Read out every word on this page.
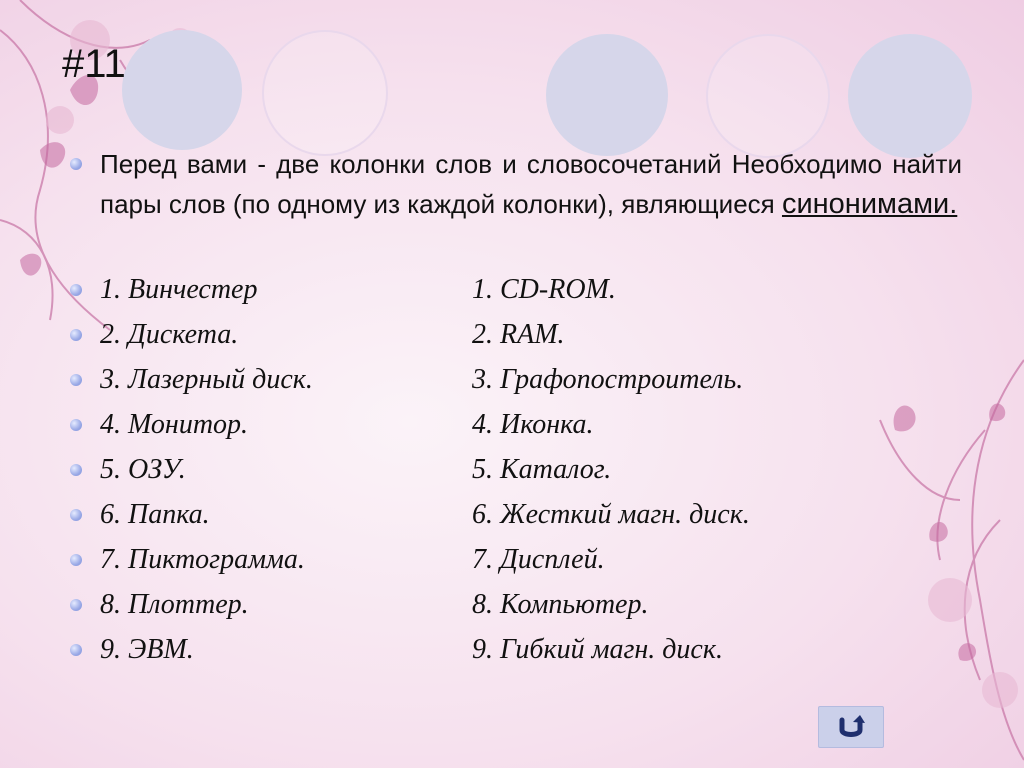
#11
Перед вами - две колонки слов и словосочетаний Необходимо найти пары слов (по одному из каждой колонки), являющиеся синонимами.
1. Винчестер	1. CD-ROM.
2. Дискета.	2. RAM.
3. Лазерный диск.	3. Графопостроитель.
4. Монитор.	4. Иконка.
5. ОЗУ.	5. Каталог.
6. Папка.	6. Жесткий магн. диск.
7. Пиктограмма.	7. Дисплей.
8. Плоттер.	8. Компьютер.
9. ЭВМ.	9. Гибкий магн. диск.
